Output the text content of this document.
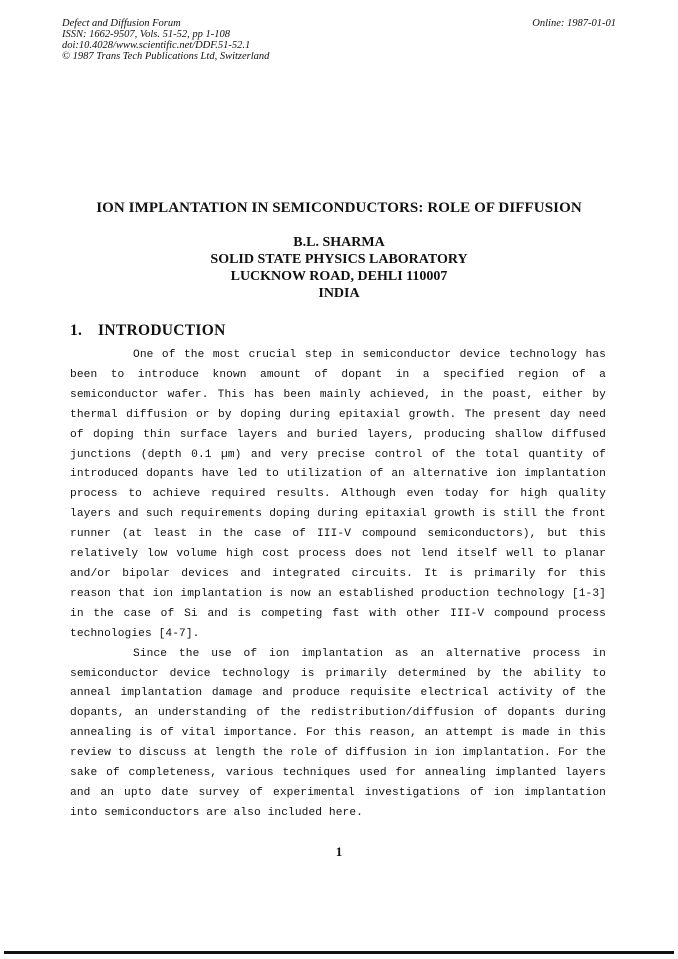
Defect and Diffusion Forum
ISSN: 1662-9507, Vols. 51-52, pp 1-108
doi:10.4028/www.scientific.net/DDF.51-52.1
© 1987 Trans Tech Publications Ltd, Switzerland
Online: 1987-01-01
ION IMPLANTATION IN SEMICONDUCTORS: ROLE OF DIFFUSION
B.L. SHARMA
SOLID STATE PHYSICS LABORATORY
LUCKNOW ROAD, DEHLI 110007
INDIA
1. INTRODUCTION

One of the most crucial step in semiconductor device technology has been to introduce known amount of dopant in a specified region of a semiconductor wafer. This has been mainly achieved, in the poast, either by thermal diffusion or by doping during epitaxial growth. The present day need of doping thin surface layers and buried layers, producing shallow diffused junctions (depth 0.1 µm) and very precise control of the total quantity of introduced dopants have led to utilization of an alternative ion implantation process to achieve required results. Although even today for high quality layers and such requirements doping during epitaxial growth is still the front runner (at least in the case of III-V compound semiconductors), but this relatively low volume high cost process does not lend itself well to planar and/or bipolar devices and integrated circuits. It is primarily for this reason that ion implantation is now an established production technology [1-3] in the case of Si and is competing fast with other III-V compound process technologies [4-7].

Since the use of ion implantation as an alternative process in semiconductor device technology is primarily determined by the ability to anneal implantation damage and produce requisite electrical activity of the dopants, an understanding of the redistribution/diffusion of dopants during annealing is of vital importance. For this reason, an attempt is made in this review to discuss at length the role of diffusion in ion implantation. For the sake of completeness, various techniques used for annealing implanted layers and an upto date survey of experimental investigations of ion implantation into semiconductors are also included here.

1
